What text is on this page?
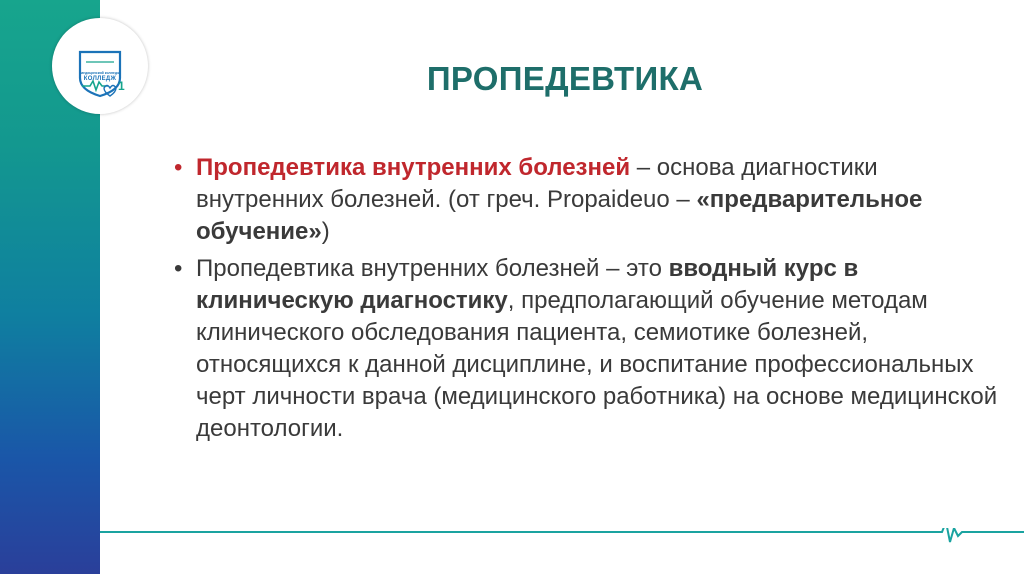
1
медицинский колледж
КОЛЛЕДЖ	ПРОПЕДЕВТИКА
• Пропедевтика внутренних болезней – основа диагностики внутренних болезней. (от греч. Propaideuo – «предварительное обучение»)
• Пропедевтика внутренних болезней – это вводный курс в клиническую диагностику, предполагающий обучение методам клинического обследования пациента, семиотике болезней, относящихся к данной дисциплине, и воспитание профессиональных черт личности врача (медицинского работника) на основе медицинской деонтологии.
